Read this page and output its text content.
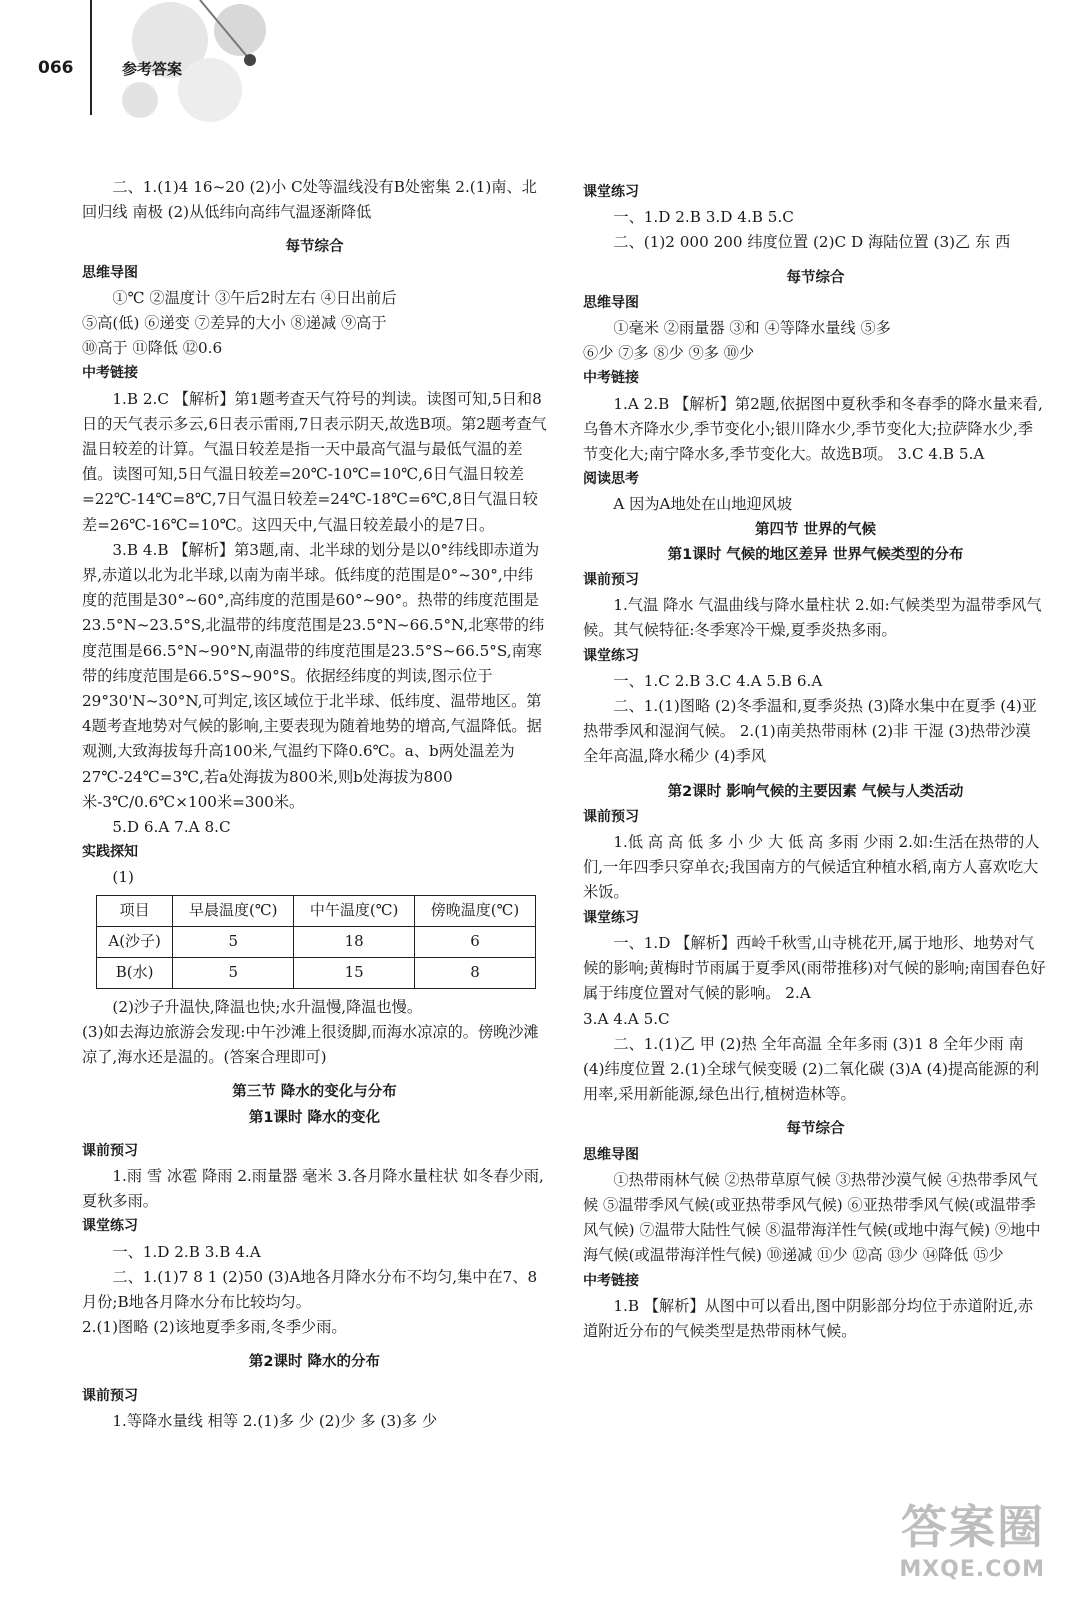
066	参考答案

二、1.(1)4 16~20 (2)小 C处等温线没有B处密集 2.(1)南、北回归线 南极 (2)从低纬向高纬气温逐渐降低

每节综合

思维导图

①℃ ②温度计 ③午后2时左右 ④日出前后

⑤高(低) ⑥递变 ⑦差异的大小 ⑧递减 ⑨高于

⑩高于 ⑪降低 ⑫0.6

中考链接

1.B 2.C 【解析】第1题考查天气符号的判读。读图可知,5日和8日的天气表示多云,6日表示雷雨,7日表示阴天,故选B项。第2题考查气温日较差的计算。气温日较差是指一天中最高气温与最低气温的差值。读图可知,5日气温日较差=20℃-10℃=10℃,6日气温日较差=22℃-14℃=8℃,7日气温日较差=24℃-18℃=6℃,8日气温日较差=26℃-16℃=10℃。这四天中,气温日较差最小的是7日。

3.B 4.B 【解析】第3题,南、北半球的划分是以0°纬线即赤道为界,赤道以北为北半球,以南为南半球。低纬度的范围是0°~30°,中纬度的范围是30°~60°,高纬度的范围是60°~90°。热带的纬度范围是23.5°N~23.5°S,北温带的纬度范围是23.5°N~66.5°N,北寒带的纬度范围是66.5°N~90°N,南温带的纬度范围是23.5°S~66.5°S,南寒带的纬度范围是66.5°S~90°S。依据经纬度的判读,图示位于29°30'N~30°N,可判定,该区域位于北半球、低纬度、温带地区。第4题考查地势对气候的影响,主要表现为随着地势的增高,气温降低。据观测,大致海拔每升高100米,气温约下降0.6℃。a、b两处温差为27℃-24℃=3℃,若a处海拔为800米,则b处海拔为800米-3℃/0.6℃×100米=300米。

5.D 6.A 7.A 8.C

实践探知

(1)

项目	早晨温度(℃)	中午温度(℃)	傍晚温度(℃)
A(沙子)	5	18	6
B(水)	5	15	8

(2)沙子升温快,降温也快;水升温慢,降温也慢。

(3)如去海边旅游会发现:中午沙滩上很烫脚,而海水凉凉的。傍晚沙滩凉了,海水还是温的。(答案合理即可)

第三节 降水的变化与分布

第1课时 降水的变化

课前预习

1.雨 雪 冰雹 降雨 2.雨量器 毫米 3.各月降水量柱状 如冬春少雨,夏秋多雨。

课堂练习

一、1.D 2.B 3.B 4.A

二、1.(1)7 8 1 (2)50 (3)A地各月降水分布不均匀,集中在7、8月份;B地各月降水分布比较均匀。

2.(1)图略 (2)该地夏季多雨,冬季少雨。

第2课时 降水的分布

课前预习

1.等降水量线 相等 2.(1)多 少 (2)少 多 (3)多 少

课堂练习

一、1.D 2.B 3.D 4.B 5.C

二、(1)2 000 200 纬度位置 (2)C D 海陆位置 (3)乙 东 西

每节综合

思维导图

①毫米 ②雨量器 ③和 ④等降水量线 ⑤多

⑥少 ⑦多 ⑧少 ⑨多 ⑩少

中考链接

1.A 2.B 【解析】第2题,依据图中夏秋季和冬春季的降水量来看,乌鲁木齐降水少,季节变化小;银川降水少,季节变化大;拉萨降水少,季节变化大;南宁降水多,季节变化大。故选B项。 3.C 4.B 5.A

阅读思考

A 因为A地处在山地迎风坡

第四节 世界的气候

第1课时 气候的地区差异 世界气候类型的分布

课前预习

1.气温 降水 气温曲线与降水量柱状 2.如:气候类型为温带季风气候。其气候特征:冬季寒冷干燥,夏季炎热多雨。

课堂练习

一、1.C 2.B 3.C 4.A 5.B 6.A

二、1.(1)图略 (2)冬季温和,夏季炎热 (3)降水集中在夏季 (4)亚热带季风和湿润气候。 2.(1)南美热带雨林 (2)非 干湿 (3)热带沙漠 全年高温,降水稀少 (4)季风

第2课时 影响气候的主要因素 气候与人类活动

课前预习

1.低 高 高 低 多 小 少 大 低 高 多雨 少雨 2.如:生活在热带的人们,一年四季只穿单衣;我国南方的气候适宜种植水稻,南方人喜欢吃大米饭。

课堂练习

一、1.D 【解析】西岭千秋雪,山寺桃花开,属于地形、地势对气候的影响;黄梅时节雨属于夏季风(雨带推移)对气候的影响;南国春色好属于纬度位置对气候的影响。 2.A

3.A 4.A 5.C

二、1.(1)乙 甲 (2)热 全年高温 全年多雨 (3)1 8 全年少雨 南 (4)纬度位置 2.(1)全球气候变暖 (2)二氧化碳 (3)A (4)提高能源的利用率,采用新能源,绿色出行,植树造林等。

每节综合

思维导图

①热带雨林气候 ②热带草原气候 ③热带沙漠气候 ④热带季风气候 ⑤温带季风气候(或亚热带季风气候) ⑥亚热带季风气候(或温带季风气候) ⑦温带大陆性气候 ⑧温带海洋性气候(或地中海气候) ⑨地中海气候(或温带海洋性气候) ⑩递减 ⑪少 ⑫高 ⑬少 ⑭降低 ⑮少

中考链接

1.B 【解析】从图中可以看出,图中阴影部分均位于赤道附近,赤道附近分布的气候类型是热带雨林气候。

答案圈
MXQE.COM
